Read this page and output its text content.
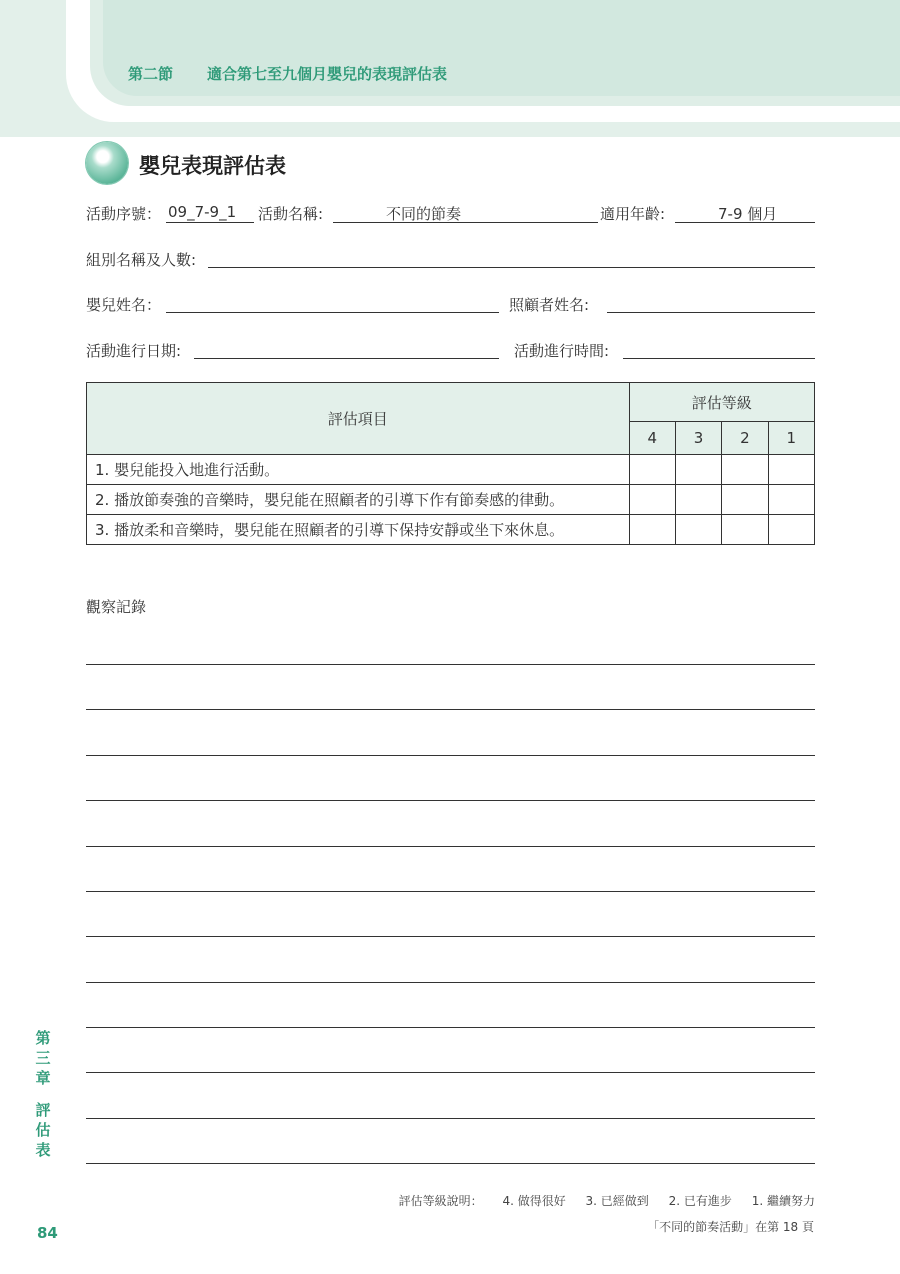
第二節 適合第七至九個月嬰兒的表現評估表
嬰兒表現評估表
活動序號： 09_7-9_1 活動名稱:	不同的節奏	適用年齡:	7-9 個月
組別名稱及人數:
嬰兒姓名：	照顧者姓名:
活動進行日期:	活動進行時間:
評估項目	評估等級			
	4	3	2	1
1. 嬰兒能投入地進行活動。				
2. 播放節奏強的音樂時，嬰兒能在照顧者的引導下作有節奏感的律動。				
3. 播放柔和音樂時，嬰兒能在照顧者的引導下保持安靜或坐下來休息。				
觀察記錄
第三章
評估表
84
評估等級說明： 4. 做得很好 3. 已經做到 2. 已有進步 1. 繼續努力
「不同的節奏活動」在第 18 頁
